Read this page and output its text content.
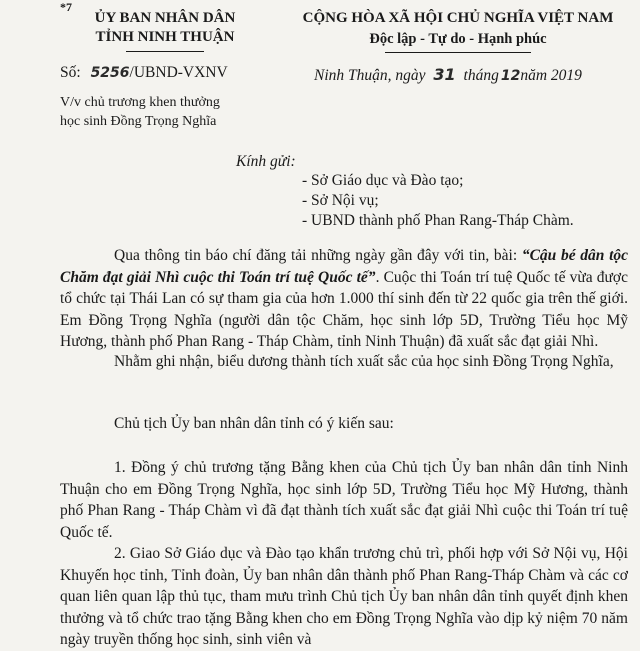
*7
ỦY BAN NHÂN DÂN
TỈNH NINH THUẬN
Số: 5256/UBND-VXNV
V/v chủ trương khen thưởng
học sinh Đồng Trọng Nghĩa
CỘNG HÒA XÃ HỘI CHỦ NGHĨA VIỆT NAM
Độc lập - Tự do - Hạnh phúc
Ninh Thuận, ngày 31 tháng 12năm 2019
Kính gửi:
- Sở Giáo dục và Đào tạo;
- Sở Nội vụ;
- UBND thành phố Phan Rang-Tháp Chàm.

Qua thông tin báo chí đăng tải những ngày gần đây với tin, bài: “Cậu bé dân tộc Chăm đạt giải Nhì cuộc thi Toán trí tuệ Quốc tế”. Cuộc thi Toán trí tuệ Quốc tế vừa được tổ chức tại Thái Lan có sự tham gia của hơn 1.000 thí sinh đến từ 22 quốc gia trên thế giới. Em Đồng Trọng Nghĩa (người dân tộc Chăm, học sinh lớp 5D, Trường Tiểu học Mỹ Hương, thành phố Phan Rang - Tháp Chàm, tỉnh Ninh Thuận) đã xuất sắc đạt giải Nhì.

Nhằm ghi nhận, biểu dương thành tích xuất sắc của học sinh Đồng Trọng Nghĩa,

Chủ tịch Ủy ban nhân dân tỉnh có ý kiến sau:

1. Đồng ý chủ trương tặng Bằng khen của Chủ tịch Ủy ban nhân dân tỉnh Ninh Thuận cho em Đồng Trọng Nghĩa, học sinh lớp 5D, Trường Tiểu học Mỹ Hương, thành phố Phan Rang - Tháp Chàm vì đã đạt thành tích xuất sắc đạt giải Nhì cuộc thi Toán trí tuệ Quốc tế.

2. Giao Sở Giáo dục và Đào tạo khẩn trương chủ trì, phối hợp với Sở Nội vụ, Hội Khuyến học tỉnh, Tỉnh đoàn, Ủy ban nhân dân thành phố Phan Rang-Tháp Chàm và các cơ quan liên quan lập thủ tục, tham mưu trình Chủ tịch Ủy ban nhân dân tỉnh quyết định khen thưởng và tổ chức trao tặng Bằng khen cho em Đồng Trọng Nghĩa vào dịp kỷ niệm 70 năm ngày truyền thống học sinh, sinh viên và
